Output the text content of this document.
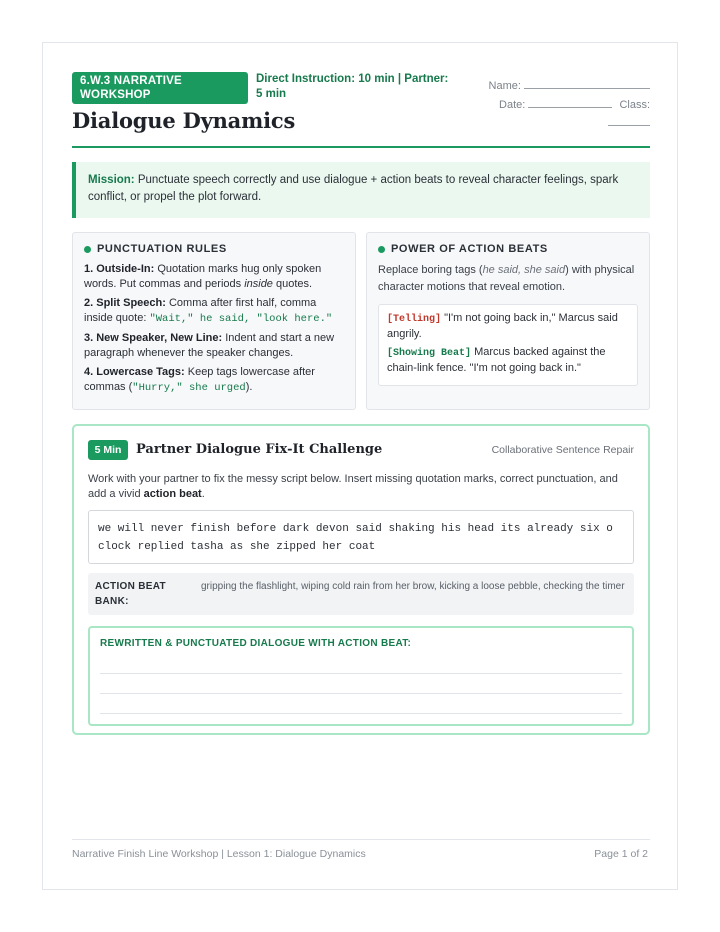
6.W.3 NARRATIVE WORKSHOP
Direct Instruction: 10 min | Partner: 5 min
Dialogue Dynamics
Name:
Date:	Class:
Mission: Punctuate speech correctly and use dialogue + action beats to reveal character feelings, spark conflict, or propel the plot forward.
PUNCTUATION RULES
1. Outside-In: Quotation marks hug only spoken words. Put commas and periods inside quotes.
2. Split Speech: Comma after first half, comma inside quote: "Wait," he said, "look here."
3. New Speaker, New Line: Indent and start a new paragraph whenever the speaker changes.
4. Lowercase Tags: Keep tags lowercase after commas ("Hurry," she urged).
POWER OF ACTION BEATS
Replace boring tags (he said, she said) with physical character motions that reveal emotion.
[Telling] "I'm not going back in," Marcus said angrily.
[Showing Beat] Marcus backed against the chain-link fence. "I'm not going back in."
5 Min	Partner Dialogue Fix-It Challenge	Collaborative Sentence Repair
Work with your partner to fix the messy script below. Insert missing quotation marks, correct punctuation, and add a vivid action beat.
we will never finish before dark devon said shaking his head its already six o clock replied tasha as she zipped her coat
ACTION BEAT BANK:
gripping the flashlight, wiping cold rain from her brow, kicking a loose pebble, checking the timer
REWRITTEN & PUNCTUATED DIALOGUE WITH ACTION BEAT:
Narrative Finish Line Workshop | Lesson 1: Dialogue Dynamics	Page 1 of 2
